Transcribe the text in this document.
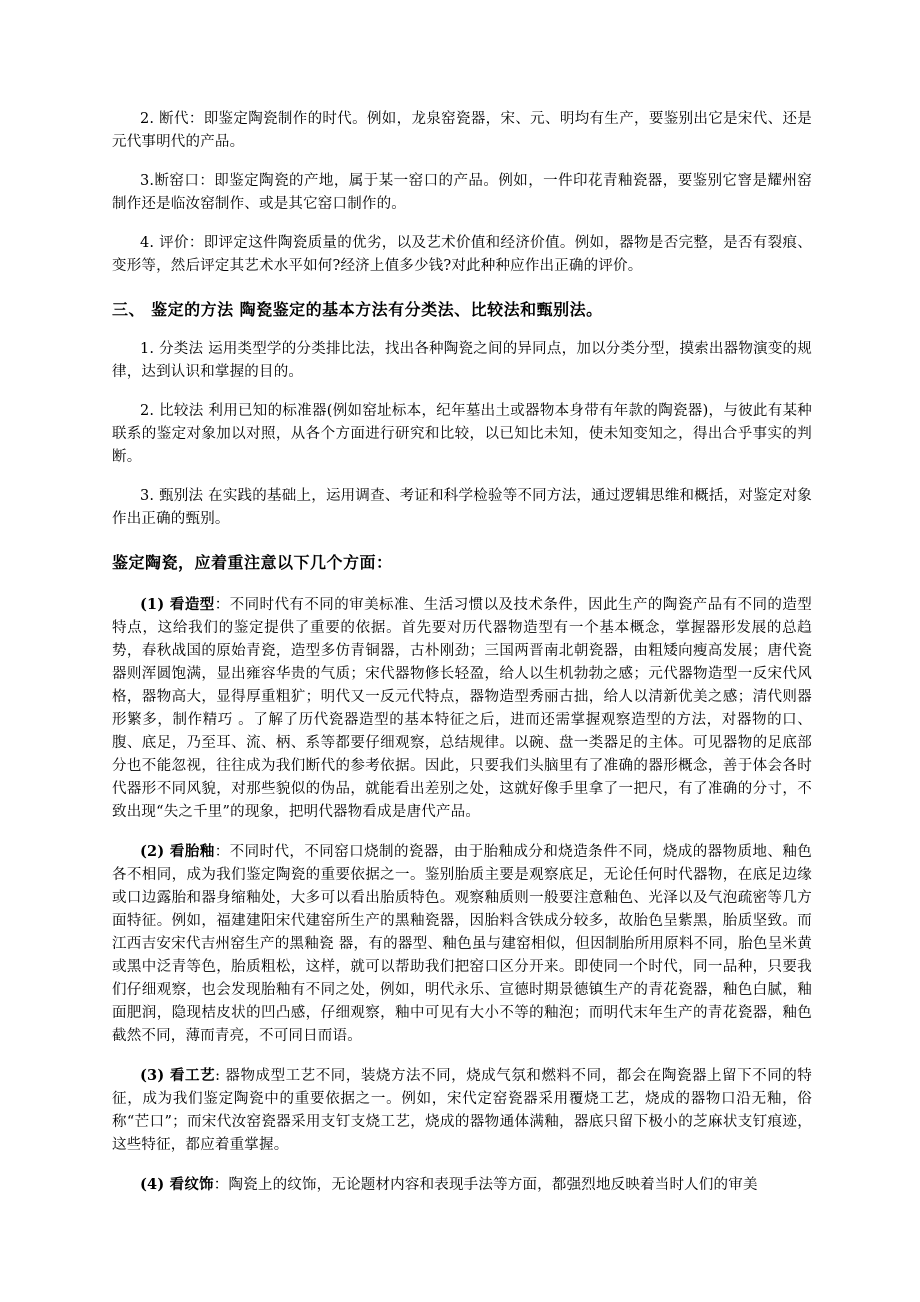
2. 断代：即鉴定陶瓷制作的时代。例如，龙泉窑瓷器，宋、元、明均有生产，要鉴别出它是宋代、还是元代事明代的产品。

3.断窑口：即鉴定陶瓷的产地，属于某一窑口的产品。例如，一件印花青釉瓷器，要鉴别它窨是耀州窑制作还是临汝窑制作、或是其它窑口制作的。

4. 评价：即评定这件陶瓷质量的优劣，以及艺术价值和经济价值。例如，器物是否完整，是否有裂痕、变形等，然后评定其艺术水平如何?经济上值多少钱?对此种种应作出正确的评价。

三、 鉴定的方法 陶瓷鉴定的基本方法有分类法、比较法和甄别法。

1. 分类法 运用类型学的分类排比法，找出各种陶瓷之间的异同点，加以分类分型，摸索出器物演变的规律，达到认识和掌握的目的。

2. 比较法 利用已知的标准器(例如窑址标本，纪年墓出土或器物本身带有年款的陶瓷器)，与彼此有某种联系的鉴定对象加以对照，从各个方面进行研究和比较，以已知比未知，使未知变知之，得出合乎事实的判断。

3. 甄别法 在实践的基础上，运用调查、考证和科学检验等不同方法，通过逻辑思维和概括，对鉴定对象作出正确的甄别。

鉴定陶瓷，应着重注意以下几个方面：

(1) 看造型：不同时代有不同的审美标准、生活习惯以及技术条件，因此生产的陶瓷产品有不同的造型特点，这给我们的鉴定提供了重要的依据。首先要对历代器物造型有一个基本概念，掌握器形发展的总趋势，春秋战国的原始青瓷，造型多仿青铜器，古朴刚劲；三国两晋南北朝瓷器，由粗矮向瘦高发展；唐代瓷器则浑圆饱满，显出雍容华贵的气质；宋代器物修长轻盈，给人以生机勃勃之感；元代器物造型一反宋代风格，器物高大，显得厚重粗犷；明代又一反元代特点，器物造型秀丽古拙，给人以清新优美之感；清代则器形繁多，制作精巧 。了解了历代瓷器造型的基本特征之后，进而还需掌握观察造型的方法，对器物的口、腹、底足，乃至耳、流、柄、系等都要仔细观察，总结规律。以碗、盘一类器足的主体。可见器物的足底部分也不能忽视，往往成为我们断代的参考依据。因此，只要我们头脑里有了准确的器形概念，善于体会各时代器形不同风貌，对那些貌似的伪品，就能看出差别之处，这就好像手里拿了一把尺，有了准确的分寸，不致出现“失之千里”的现象，把明代器物看成是唐代产品。

(2) 看胎釉：不同时代，不同窑口烧制的瓷器，由于胎釉成分和烧造条件不同，烧成的器物质地、釉色各不相同，成为我们鉴定陶瓷的重要依据之一。鉴别胎质主要是观察底足，无论任何时代器物，在底足边缘或口边露胎和器身缩釉处，大多可以看出胎质特色。观察釉质则一般要注意釉色、光泽以及气泡疏密等几方面特征。例如，福建建阳宋代建窑所生产的黑釉瓷器，因胎料含铁成分较多，故胎色呈紫黑，胎质坚致。而江西吉安宋代吉州窑生产的黑釉瓷 器，有的器型、釉色虽与建窑相似，但因制胎所用原料不同，胎色呈米黄或黑中泛青等色，胎质粗松，这样，就可以帮助我们把窑口区分开来。即使同一个时代，同一品种，只要我们仔细观察，也会发现胎釉有不同之处，例如，明代永乐、宣德时期景德镇生产的青花瓷器，釉色白腻，釉面肥润，隐现桔皮状的凹凸感，仔细观察，釉中可见有大小不等的釉泡；而明代末年生产的青花瓷器，釉色截然不同，薄而青亮，不可同日而语。

(3) 看工艺: 器物成型工艺不同，装烧方法不同，烧成气氛和燃料不同，都会在陶瓷器上留下不同的特征，成为我们鉴定陶瓷中的重要依据之一。例如，宋代定窑瓷器采用覆烧工艺，烧成的器物口沿无釉，俗称“芒口”；而宋代汝窑瓷器采用支钉支烧工艺，烧成的器物通体满釉，器底只留下极小的芝麻状支钉痕迹，这些特征，都应着重掌握。

(4) 看纹饰：陶瓷上的纹饰，无论题材内容和表现手法等方面，都强烈地反映着当时人们的审美
